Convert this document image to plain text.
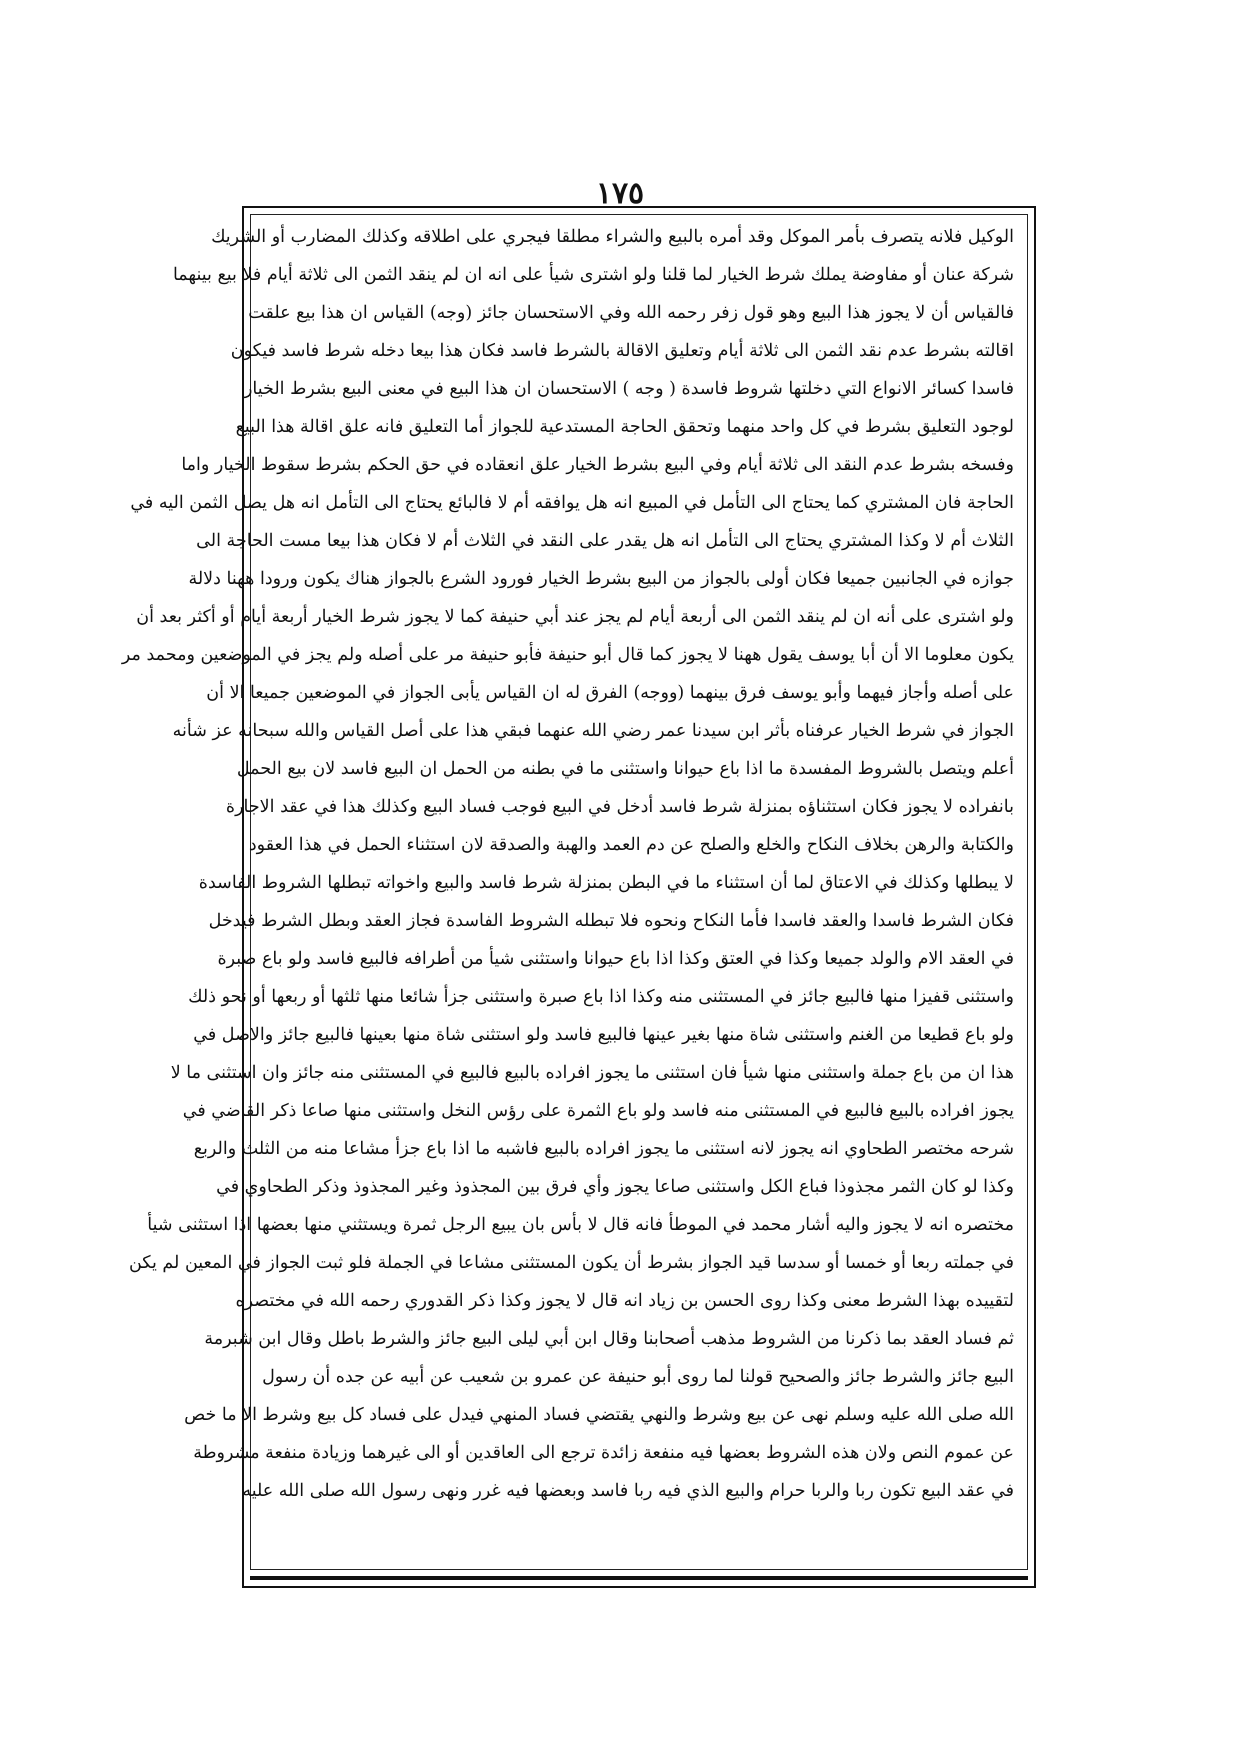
١٧٥
الوكيل فلانه يتصرف بأمر الموكل وقد أمره بالبيع والشراء مطلقا فيجري على اطلاقه وكذلك المضارب أو الشريك
شركة عنان أو مفاوضة يملك شرط الخيار لما قلنا ولو اشترى شيأ على انه ان لم ينقد الثمن الى ثلاثة أيام فلا بيع بينهما
فالقياس أن لا يجوز هذا البيع وهو قول زفر رحمه الله وفي الاستحسان جائز (وجه) القياس ان هذا بيع علقت
اقالته بشرط عدم نقد الثمن الى ثلاثة أيام وتعليق الاقالة بالشرط فاسد فكان هذا بيعا دخله شرط فاسد فيكون
فاسدا كسائر الانواع التي دخلتها شروط فاسدة ( وجه ) الاستحسان ان هذا البيع في معنى البيع بشرط الخيار
لوجود التعليق بشرط في كل واحد منهما وتحقق الحاجة المستدعية للجواز أما التعليق فانه علق اقالة هذا البيع
وفسخه بشرط عدم النقد الى ثلاثة أيام وفي البيع بشرط الخيار علق انعقاده في حق الحكم بشرط سقوط الخيار واما
الحاجة فان المشتري كما يحتاج الى التأمل في المبيع انه هل يوافقه أم لا فالبائع يحتاج الى التأمل انه هل يصل الثمن اليه في
الثلاث أم لا وكذا المشتري يحتاج الى التأمل انه هل يقدر على النقد في الثلاث أم لا فكان هذا بيعا مست الحاجة الى
جوازه في الجانبين جميعا فكان أولى بالجواز من البيع بشرط الخيار فورود الشرع بالجواز هناك يكون ورودا ههنا دلالة
ولو اشترى على أنه ان لم ينقد الثمن الى أربعة أيام لم يجز عند أبي حنيفة كما لا يجوز شرط الخيار أربعة أيام أو أكثر بعد أن
يكون معلوما الا أن أبا يوسف يقول ههنا لا يجوز كما قال أبو حنيفة فأبو حنيفة مر على أصله ولم يجز في الموضعين ومحمد مر
على أصله وأجاز فيهما وأبو يوسف فرق بينهما (ووجه) الفرق له ان القياس يأبى الجواز في الموضعين جميعا الا أن
الجواز في شرط الخيار عرفناه بأثر ابن سيدنا عمر رضي الله عنهما فبقي هذا على أصل القياس والله سبحانه عز شأنه
أعلم ويتصل بالشروط المفسدة ما اذا باع حيوانا واستثنى ما في بطنه من الحمل ان البيع فاسد لان بيع الحمل
بانفراده لا يجوز فكان استثناؤه بمنزلة شرط فاسد أدخل في البيع فوجب فساد البيع وكذلك هذا في عقد الاجارة
والكتابة والرهن بخلاف النكاح والخلع والصلح عن دم العمد والهبة والصدقة لان استثناء الحمل في هذا العقود
لا يبطلها وكذلك في الاعتاق لما أن استثناء ما في البطن بمنزلة شرط فاسد والبيع واخواته تبطلها الشروط الفاسدة
فكان الشرط فاسدا والعقد فاسدا فأما النكاح ونحوه فلا تبطله الشروط الفاسدة فجاز العقد وبطل الشرط فيدخل
في العقد الام والولد جميعا وكذا في العتق وكذا اذا باع حيوانا واستثنى شيأ من أطرافه فالبيع فاسد ولو باع صبرة
واستثنى قفيزا منها فالبيع جائز في المستثنى منه وكذا اذا باع صبرة واستثنى جزأ شائعا منها ثلثها أو ربعها أو نحو ذلك
ولو باع قطيعا من الغنم واستثنى شاة منها بغير عينها فالبيع فاسد ولو استثنى شاة منها بعينها فالبيع جائز والاصل في
هذا ان من باع جملة واستثنى منها شيأ فان استثنى ما يجوز افراده بالبيع فالبيع في المستثنى منه جائز وان استثنى ما لا
يجوز افراده بالبيع فالبيع في المستثنى منه فاسد ولو باع الثمرة على رؤس النخل واستثنى منها صاعا ذكر القاضي في
شرحه مختصر الطحاوي انه يجوز لانه استثنى ما يجوز افراده بالبيع فاشبه ما اذا باع جزأ مشاعا منه من الثلث والربع
وكذا لو كان الثمر مجذوذا فباع الكل واستثنى صاعا يجوز وأي فرق بين المجذوذ وغير المجذوذ وذكر الطحاوي في
مختصره انه لا يجوز واليه أشار محمد في الموطأ فانه قال لا بأس بان يبيع الرجل ثمرة ويستثني منها بعضها اذا استثنى شيأ
في جملته ربعا أو خمسا أو سدسا قيد الجواز بشرط أن يكون المستثنى مشاعا في الجملة فلو ثبت الجواز في المعين لم يكن
لتقييده بهذا الشرط معنى وكذا روى الحسن بن زياد انه قال لا يجوز وكذا ذكر القدوري رحمه الله في مختصره
ثم فساد العقد بما ذكرنا من الشروط مذهب أصحابنا وقال ابن أبي ليلى البيع جائز والشرط باطل وقال ابن شبرمة
البيع جائز والشرط جائز والصحيح قولنا لما روى أبو حنيفة عن عمرو بن شعيب عن أبيه عن جده أن رسول
الله صلى الله عليه وسلم نهى عن بيع وشرط والنهي يقتضي فساد المنهي فيدل على فساد كل بيع وشرط الا ما خص
عن عموم النص ولان هذه الشروط بعضها فيه منفعة زائدة ترجع الى العاقدين أو الى غيرهما وزيادة منفعة مشروطة
في عقد البيع تكون ربا والربا حرام والبيع الذي فيه ربا فاسد وبعضها فيه غرر ونهى رسول الله صلى الله عليه
